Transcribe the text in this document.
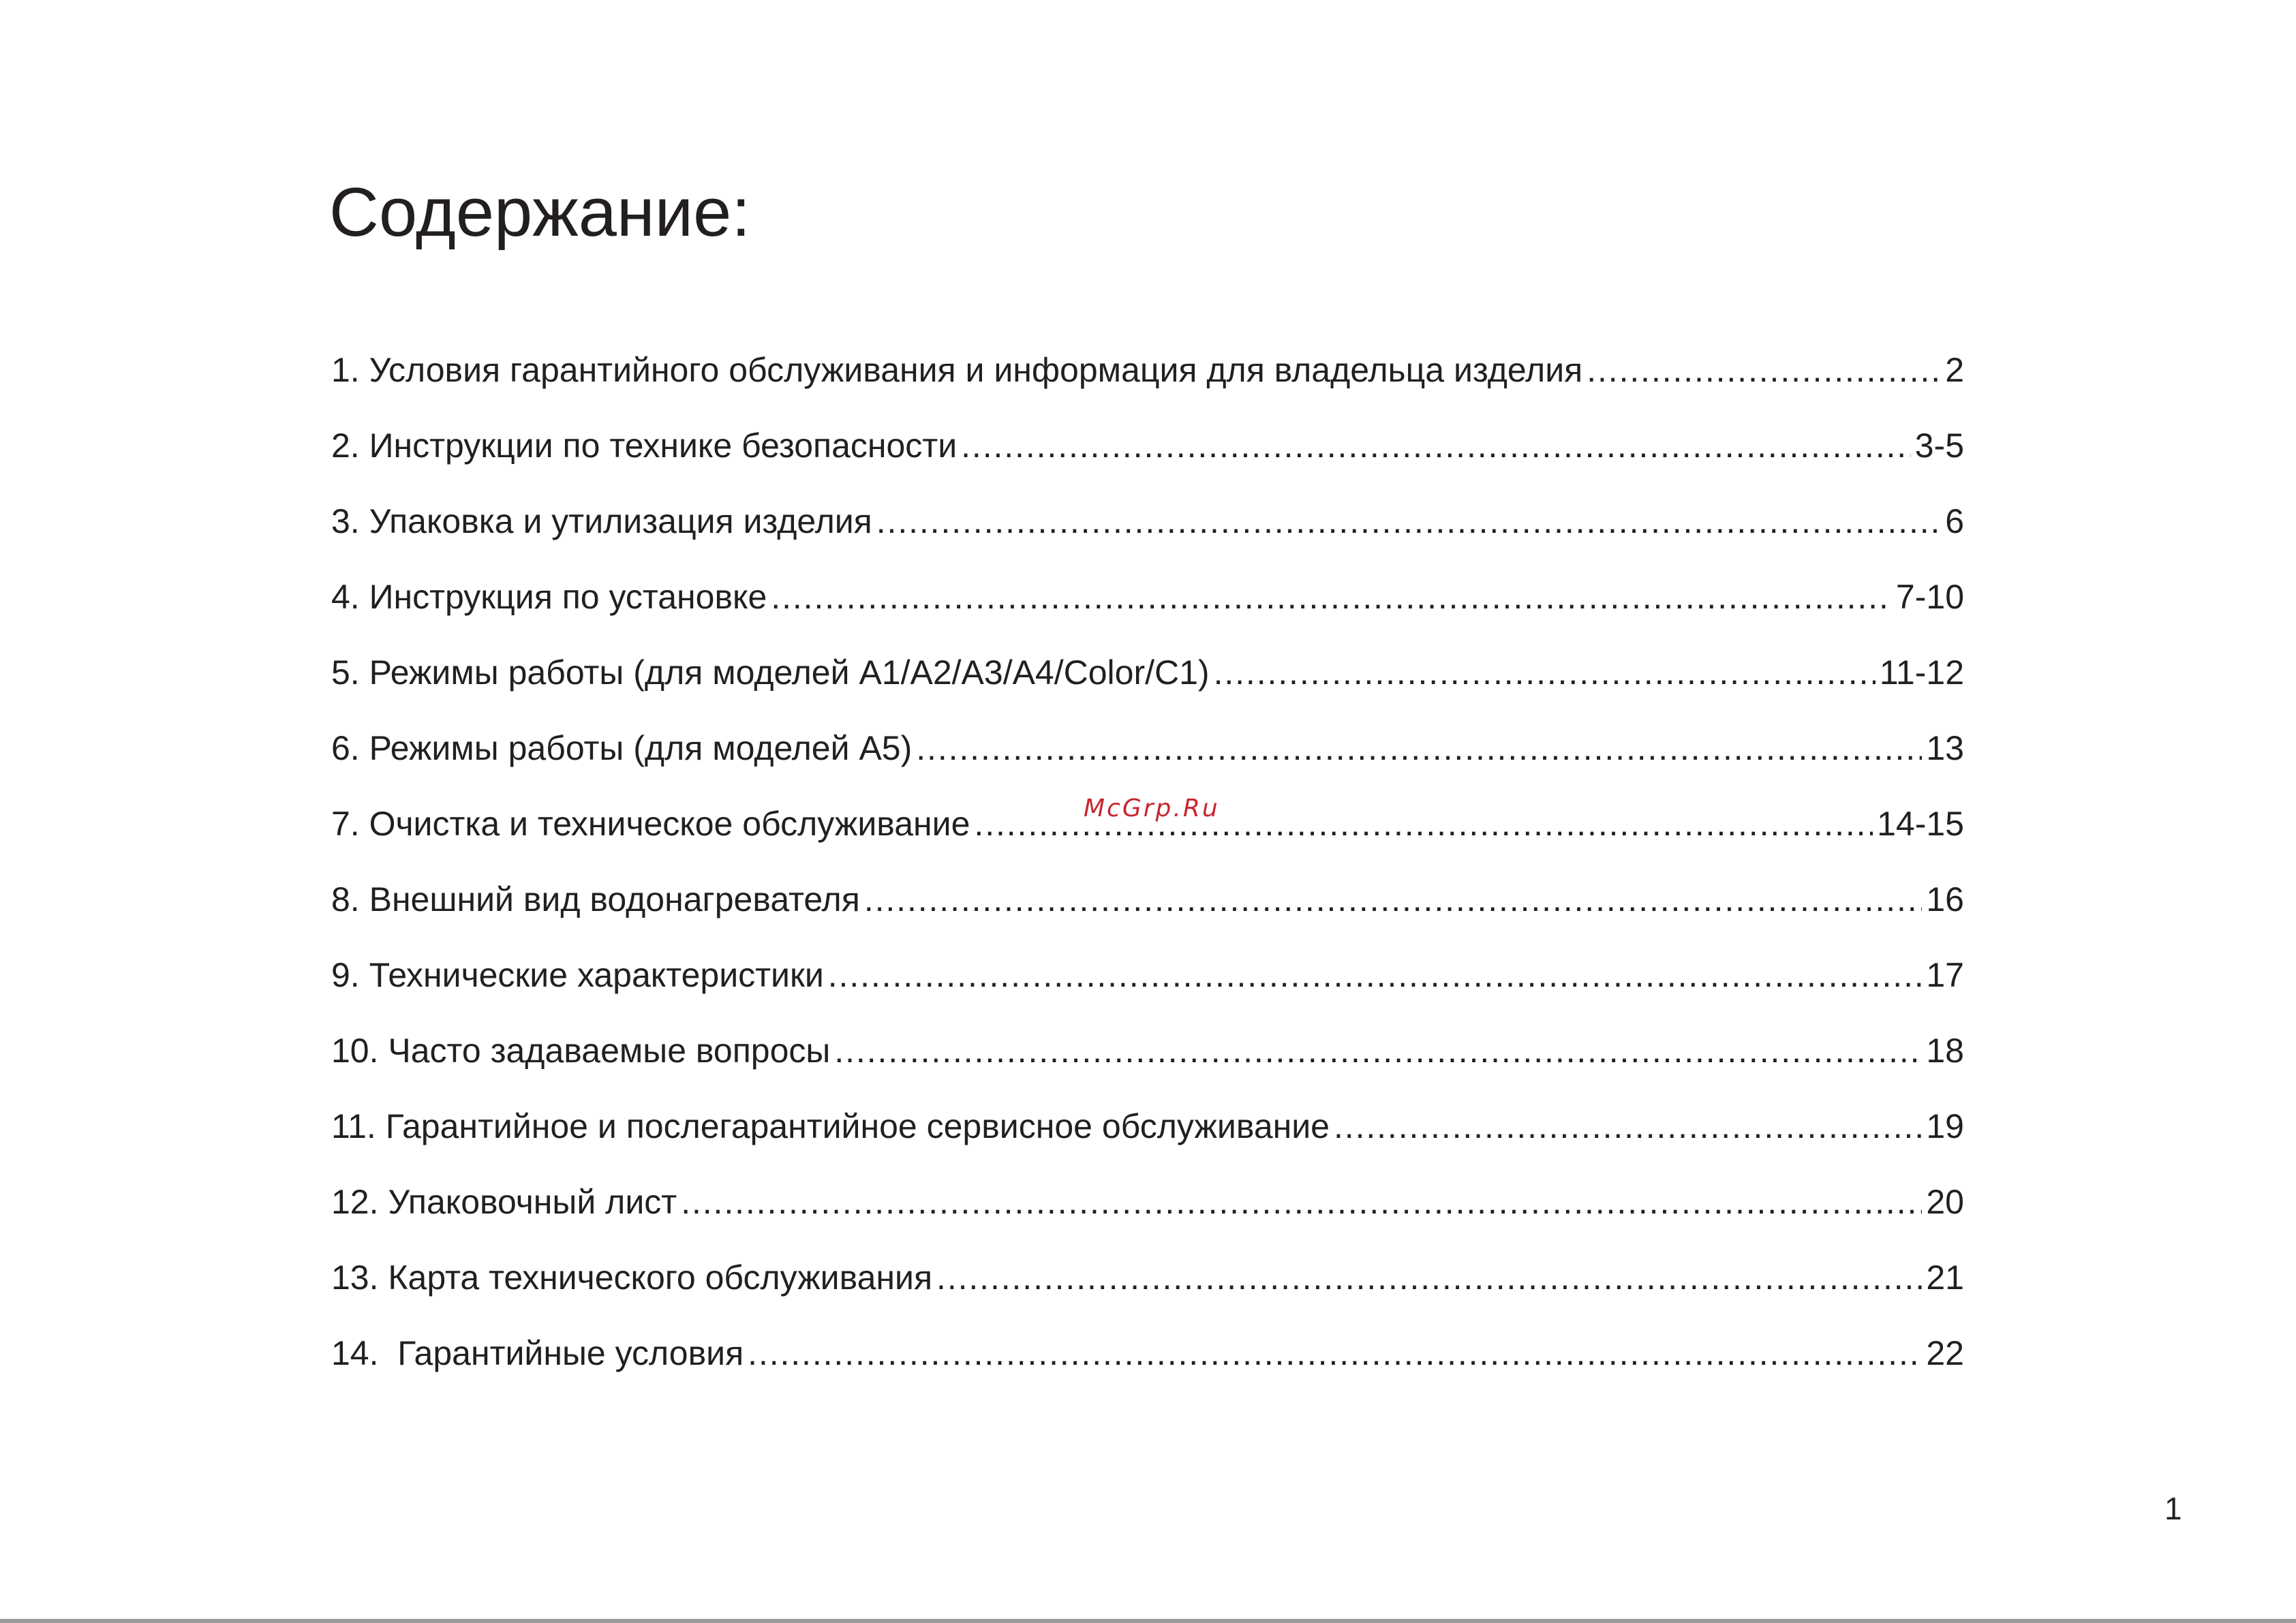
Содержание:
1. Условия гарантийного обслуживания и информация для владельца изделия . . .	2
2. Инструкции по технике безопасности . . .	3-5
3. Упаковка и утилизация изделия . . .	6
4. Инструкция по установке . . .	7-10
5. Режимы работы (для моделей А1/А2/А3/А4/Color/С1) . . .	11-12
6. Режимы работы (для моделей А5) . . .	13
7. Очистка и техническое обслуживание . . .	14-15
8. Внешний вид водонагревателя . . .	16
9. Технические характеристики . . .	17
10. Часто задаваемые вопросы . . .	18
11. Гарантийное и послегарантийное сервисное обслуживание . . .	19
12. Упаковочный лист . . .	20
13. Карта технического обслуживания . . .	21
14.  Гарантийные условия . . .	22
McGrp.Ru
1
